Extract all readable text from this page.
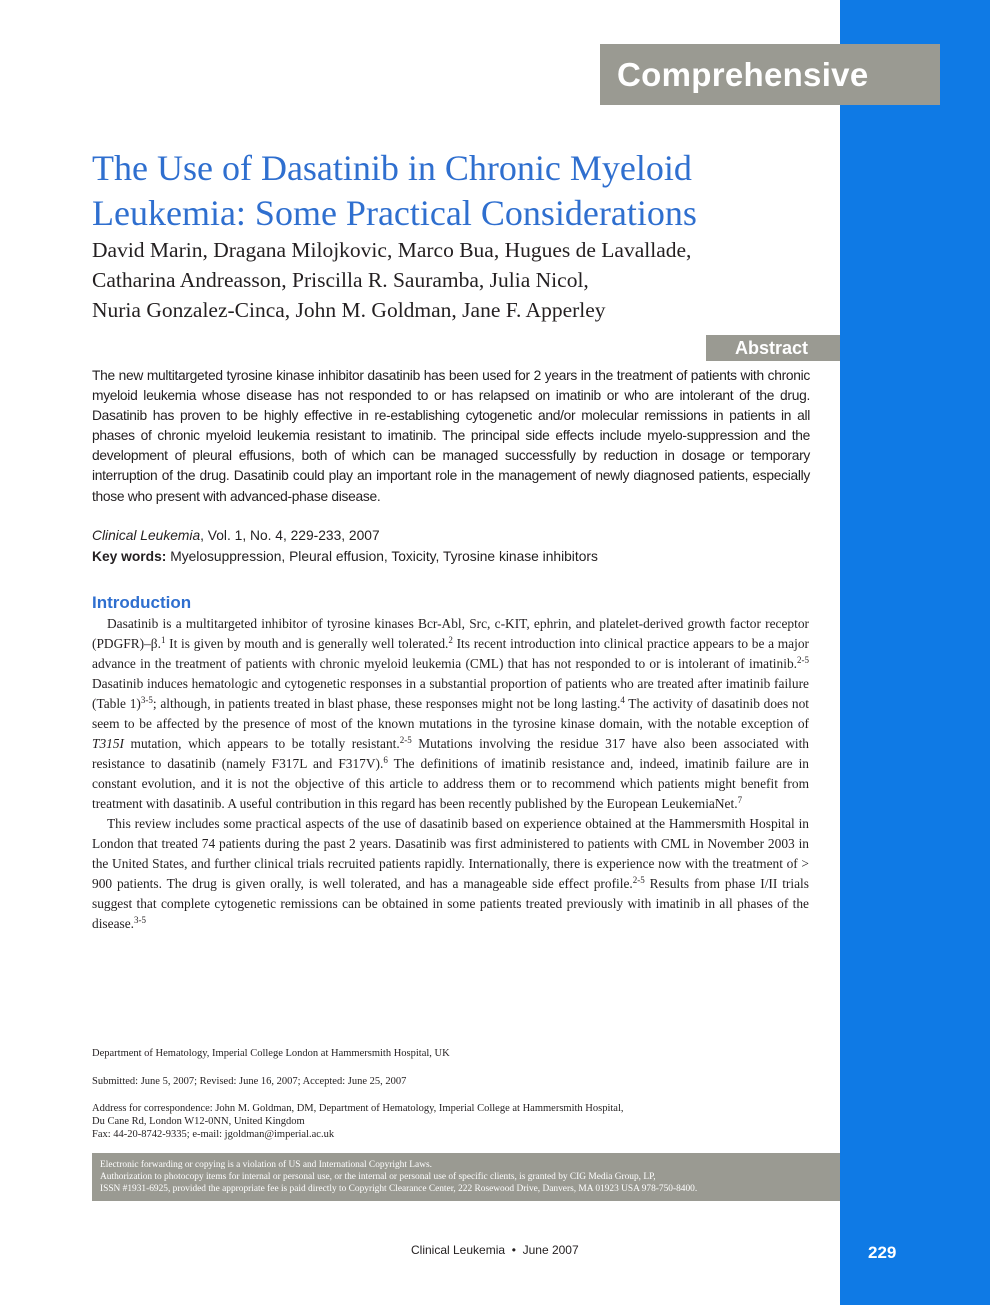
Comprehensive Review
The Use of Dasatinib in Chronic Myeloid Leukemia: Some Practical Considerations
David Marin, Dragana Milojkovic, Marco Bua, Hugues de Lavallade,
Catharina Andreasson, Priscilla R. Sauramba, Julia Nicol,
Nuria Gonzalez-Cinca, John M. Goldman, Jane F. Apperley
Abstract

The new multitargeted tyrosine kinase inhibitor dasatinib has been used for 2 years in the treatment of patients with chronic myeloid leukemia whose disease has not responded to or has relapsed on imatinib or who are intolerant of the drug. Dasatinib has proven to be highly effective in re-establishing cytogenetic and/or molecular remissions in patients in all phases of chronic myeloid leukemia resistant to imatinib. The principal side effects include myelo-suppression and the development of pleural effusions, both of which can be managed successfully by reduction in dosage or temporary interruption of the drug. Dasatinib could play an important role in the management of newly diagnosed patients, especially those who present with advanced-phase disease.

Clinical Leukemia, Vol. 1, No. 4, 229-233, 2007
Key words: Myelosuppression, Pleural effusion, Toxicity, Tyrosine kinase inhibitors
Introduction

Dasatinib is a multitargeted inhibitor of tyrosine kinases Bcr-Abl, Src, c-KIT, ephrin, and platelet-derived growth factor receptor (PDGFR)–β.$^1$ It is given by mouth and is generally well tolerated.$^2$ Its recent introduction into clinical practice appears to be a major advance in the treatment of patients with chronic myeloid leukemia (CML) that has not responded to or is intolerant of imatinib.$^{2-5}$ Dasatinib induces hematologic and cytogenetic responses in a substantial proportion of patients who are treated after imatinib failure (Table 1)$^{3-5}$; although, in patients treated in blast phase, these responses might not be long lasting.$^4$ The activity of dasatinib does not seem to be affected by the presence of most of the known mutations in the tyrosine kinase domain, with the notable exception of T315I mutation, which appears to be totally resistant.$^{2-5}$ Mutations involving the residue 317 have also been associated with resistance to dasatinib (namely F317L and F317V).$^6$ The definitions of imatinib resistance and, indeed, imatinib failure are in constant evolution, and it is not the objective of this article to address them or to recommend which patients might benefit from treatment with dasatinib. A useful contribution in this regard has been recently published by the European LeukemiaNet.$^7$

This review includes some practical aspects of the use of dasatinib based on experience obtained at the Hammersmith Hospital in London that treated 74 patients during the past 2 years. Dasatinib was first administered to patients with CML in November 2003 in the United States, and further clinical trials recruited patients rapidly. Internationally, there is experience now with the treatment of > 900 patients. The drug is given orally, is well tolerated, and has a manageable side effect profile.$^{2-5}$ Results from phase I/II trials suggest that complete cytogenetic remissions can be obtained in some patients treated previously with imatinib in all phases of the disease.$^{3-5}$

Department of Hematology, Imperial College London at Hammersmith Hospital, UK
Submitted: June 5, 2007; Revised: June 16, 2007; Accepted: June 25, 2007
Address for correspondence: John M. Goldman, DM, Department of Hematology, Imperial College at Hammersmith Hospital,
Du Cane Rd, London W12-0NN, United Kingdom
Fax: 44-20-8742-9335; e-mail: jgoldman@imperial.ac.uk
Electronic forwarding or copying is a violation of US and International Copyright Laws.
Authorization to photocopy items for internal or personal use, or the internal or personal use of specific clients, is granted by CIG Media Group, LP,
ISSN #1931-6925, provided the appropriate fee is paid directly to Copyright Clearance Center, 222 Rosewood Drive, Danvers, MA 01923 USA 978-750-8400.
Clinical Leukemia • June 2007	229
